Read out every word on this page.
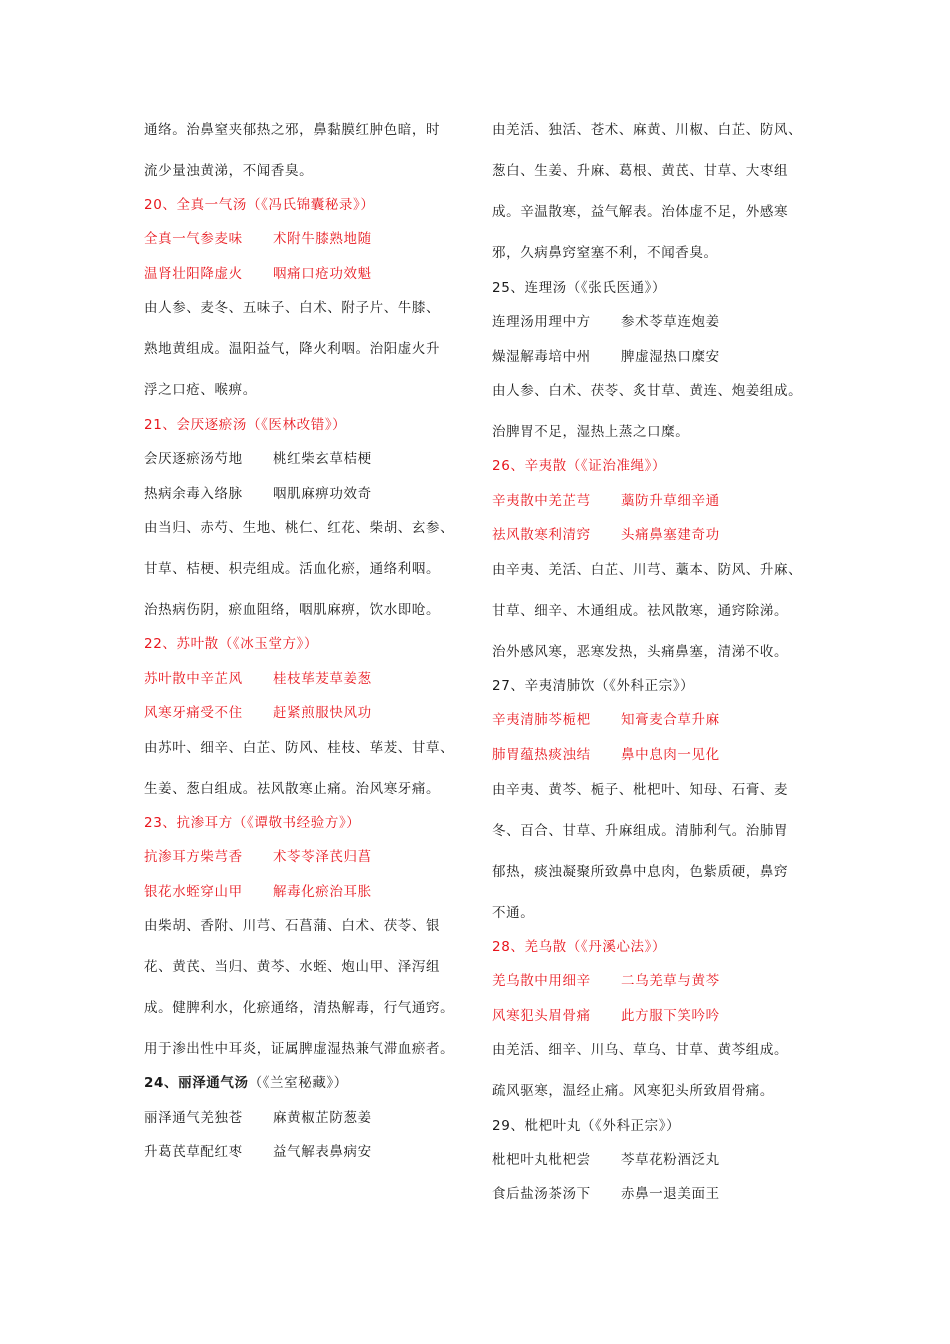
通络。治鼻窒夹郁热之邪，鼻黏膜红肿色暗，时
流少量浊黄涕，不闻香臭。
20、全真一气汤（《冯氏锦囊秘录》）
全真一气参麦味 术附牛膝熟地随
温肾壮阳降虚火 咽痛口疮功效魁
由人参、麦冬、五味子、白术、附子片、牛膝、
熟地黄组成。温阳益气，降火利咽。治阳虚火升
浮之口疮、喉痹。
21、会厌逐瘀汤（《医林改错》）
会厌逐瘀汤芍地 桃红柴玄草桔梗
热病余毒入络脉 咽肌麻痹功效奇
由当归、赤芍、生地、桃仁、红花、柴胡、玄参、
甘草、桔梗、枳壳组成。活血化瘀，通络利咽。
治热病伤阴，瘀血阻络，咽肌麻痹，饮水即呛。
22、苏叶散（《冰玉堂方》）
苏叶散中辛芷风 桂枝荜茇草姜葱
风寒牙痛受不住 赶紧煎服快风功
由苏叶、细辛、白芷、防风、桂枝、荜茇、甘草、
生姜、葱白组成。祛风散寒止痛。治风寒牙痛。
23、抗渗耳方（《谭敬书经验方》）
抗渗耳方柴芎香 术苓苓泽芪归菖
银花水蛭穿山甲 解毒化瘀治耳胀
由柴胡、香附、川芎、石菖蒲、白术、茯苓、银
花、黄芪、当归、黄芩、水蛭、炮山甲、泽泻组
成。健脾利水，化瘀通络，清热解毒，行气通窍。
用于渗出性中耳炎，证属脾虚湿热兼气滞血瘀者。
24、丽泽通气汤（《兰室秘藏》）
丽泽通气羌独苍 麻黄椒芷防葱姜
升葛芪草配红枣 益气解表鼻病安
由羌活、独活、苍术、麻黄、川椒、白芷、防风、
葱白、生姜、升麻、葛根、黄芪、甘草、大枣组
成。辛温散寒，益气解表。治体虚不足，外感寒
邪，久病鼻窍窒塞不利，不闻香臭。
25、连理汤（《张氏医通》）
连理汤用理中方 参术苓草连炮姜
燥湿解毒培中州 脾虚湿热口糜安
由人参、白术、茯苓、炙甘草、黄连、炮姜组成。
治脾胃不足，湿热上蒸之口糜。
26、辛夷散（《证治准绳》）
辛夷散中羌芷芎 藁防升草细辛通
祛风散寒利清窍 头痛鼻塞建奇功
由辛夷、羌活、白芷、川芎、藁本、防风、升麻、
甘草、细辛、木通组成。祛风散寒，通窍除涕。
治外感风寒，恶寒发热，头痛鼻塞，清涕不收。
27、辛夷清肺饮（《外科正宗》）
辛夷清肺芩栀杷 知膏麦合草升麻
肺胃蕴热痰浊结 鼻中息肉一见化
由辛夷、黄芩、栀子、枇杷叶、知母、石膏、麦
冬、百合、甘草、升麻组成。清肺利气。治肺胃
郁热，痰浊凝聚所致鼻中息肉，色紫质硬，鼻窍
不通。
28、羌乌散（《丹溪心法》）
羌乌散中用细辛 二乌羌草与黄芩
风寒犯头眉骨痛 此方服下笑吟吟
由羌活、细辛、川乌、草乌、甘草、黄芩组成。
疏风驱寒，温经止痛。风寒犯头所致眉骨痛。
29、枇杷叶丸（《外科正宗》）
枇杷叶丸枇杷尝 芩草花粉酒泛丸
食后盐汤茶汤下 赤鼻一退美面王
